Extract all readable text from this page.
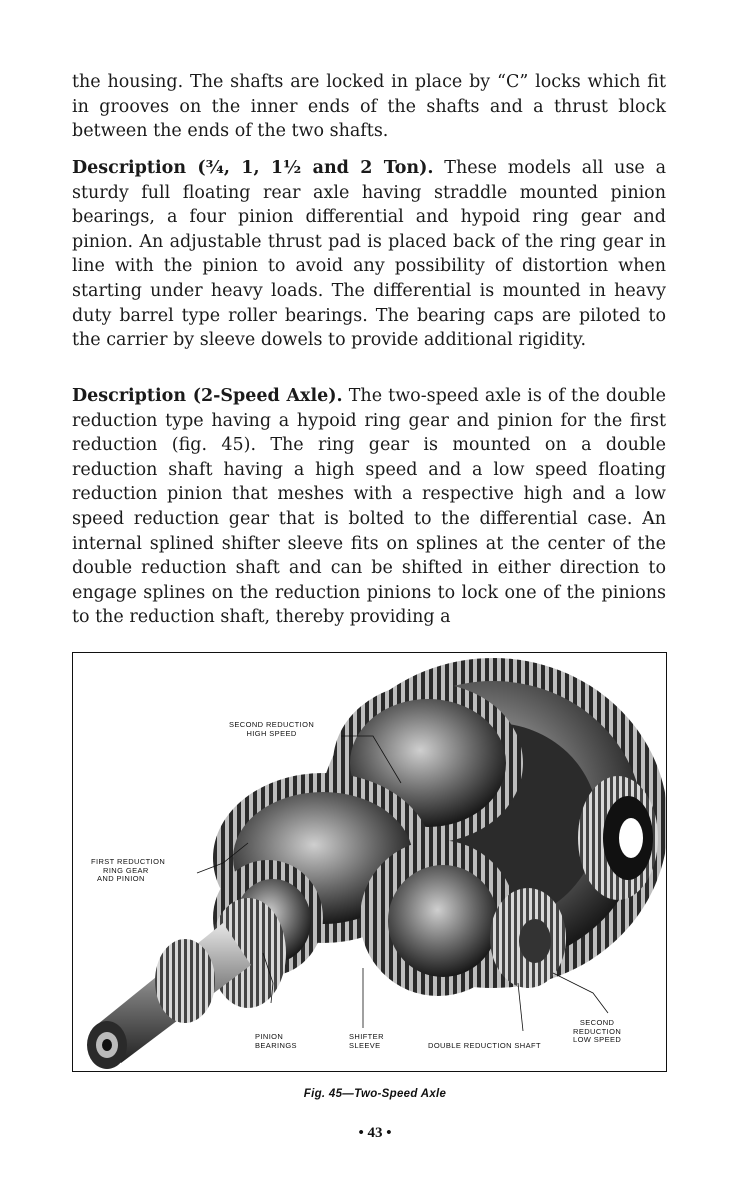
the housing. The shafts are locked in place by “C” locks which fit in grooves on the inner ends of the shafts and a thrust block between the ends of the two shafts.

Description (¾, 1, 1½ and 2 Ton). These models all use a sturdy full floating rear axle having straddle mounted pinion bearings, a four pinion differential and hypoid ring gear and pinion. An adjustable thrust pad is placed back of the ring gear in line with the pinion to avoid any possibility of distortion when starting under heavy loads. The differential is mounted in heavy duty barrel type roller bearings. The bearing caps are piloted to the carrier by sleeve dowels to provide additional rigidity.

Description (2-Speed Axle). The two-speed axle is of the double reduction type having a hypoid ring gear and pinion for the first reduction (fig. 45). The ring gear is mounted on a double reduction shaft having a high speed and a low speed floating reduction pinion that meshes with a respective high and a low speed reduction gear that is bolted to the differential case. An internal splined shifter sleeve fits on splines at the center of the double reduction shaft and can be shifted in either direction to engage splines on the reduction pinions to lock one of the pinions to the reduction shaft, thereby providing a

SECOND REDUCTION
HIGH SPEED
FIRST REDUCTION
RING GEAR
AND PINION
PINION
BEARINGS
SHIFTER
SLEEVE	DOUBLE REDUCTION SHAFT
SECOND
REDUCTION
LOW SPEED
Fig. 45—Two-Speed Axle
• 43 •
